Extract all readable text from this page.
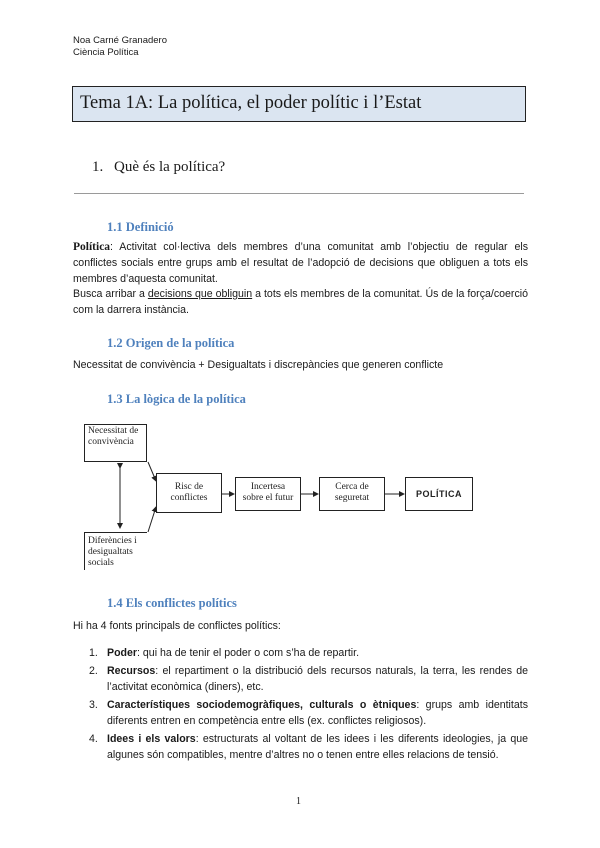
Noa Carné Granadero
Ciència Política
Tema 1A: La política, el poder polític i l’Estat
1. Què és la política?
1.1 Definició
Política: Activitat col·lectiva dels membres d’una comunitat amb l’objectiu de regular els conflictes socials entre grups amb el resultat de l’adopció de decisions que obliguen a tots els membres d’aquesta comunitat.
Busca arribar a decisions que obliguin a tots els membres de la comunitat. Ús de la força/coerció com la darrera instància.
1.2 Origen de la política
Necessitat de convivència + Desigualtats i discrepàncies que generen conflicte
1.3 La lògica de la política
Necessitat de
convivència
Diferències i
desigualtats
socials
Risc de
conflictes
Incertesa
sobre el futur
Cerca de
seguretat	POLÍTICA
1.4 Els conflictes polítics
Hi ha 4 fonts principals de conflictes polítics:
1. Poder: qui ha de tenir el poder o com s’ha de repartir.
2. Recursos: el repartiment o la distribució dels recursos naturals, la terra, les rendes de l’activitat econòmica (diners), etc.
3. Característiques sociodemogràfiques, culturals o ètniques: grups amb identitats diferents entren en competència entre ells (ex. conflictes religiosos).
4. Idees i els valors: estructurats al voltant de les idees i les diferents ideologies, ja que algunes són compatibles, mentre d’altres no o tenen entre elles relacions de tensió.
1
